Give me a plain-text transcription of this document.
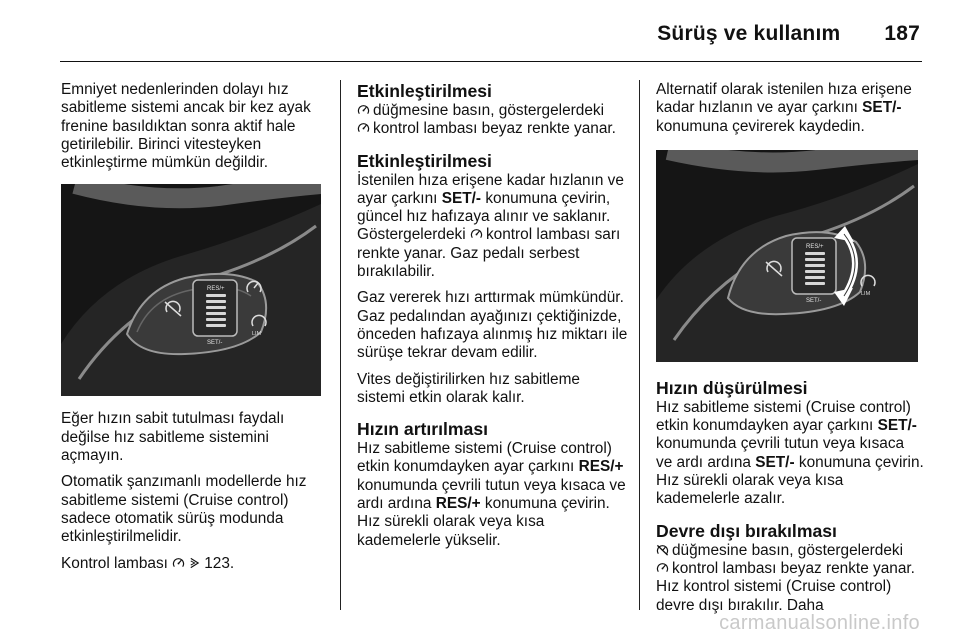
Sürüş ve kullanım 187

Emniyet nedenlerinden dolayı hız sabitleme sistemi ancak bir kez ayak frenine basıldıktan sonra aktif hale getirilebilir. Birinci vitesteyken etkinleştirme mümkün değildir.

RES/+
SET/-
LIM

Eğer hızın sabit tutulması faydalı değilse hız sabitleme sistemini açmayın.

Otomatik şanzımanlı modellerde hız sabitleme sistemi (Cruise control) sadece otomatik sürüş modunda etkinleştirilmelidir.

Kontrol lambası 123.

Etkinleştirilmesi

düğmesine basın, göstergelerdeki
kontrol lambası beyaz renkte yanar.

Etkinleştirilmesi

İstenilen hıza erişene kadar hızlanın ve ayar çarkını SET/- konumuna çevirin, güncel hız hafızaya alınır ve saklanır. Göstergelerdeki kontrol lambası sarı renkte yanar. Gaz pedalı serbest bırakılabilir.

Gaz vererek hızı arttırmak mümkündür. Gaz pedalından ayağınızı çektiğinizde, önceden hafızaya alınmış hız miktarı ile sürüşe tekrar devam edilir.

Vites değiştirilirken hız sabitleme sistemi etkin olarak kalır.

Hızın artırılması

Hız sabitleme sistemi (Cruise control) etkin konumdayken ayar çarkını RES/+ konumunda çevrili tutun veya kısaca ve ardı ardına RES/+ konumuna çevirin. Hız sürekli olarak veya kısa kademelerle yükselir.

Alternatif olarak istenilen hıza erişene kadar hızlanın ve ayar çarkını SET/- konumuna çevirerek kaydedin.

RES/+
SET/-
LIM
Hızın düşürülmesi

Hız sabitleme sistemi (Cruise control) etkin konumdayken ayar çarkını SET/- konumunda çevrili tutun veya kısaca ve ardı ardına SET/- konumuna çevirin. Hız sürekli olarak veya kısa kademelerle azalır.

Devre dışı bırakılması

düğmesine basın, göstergelerdeki
kontrol lambası beyaz renkte yanar. Hız kontrol sistemi (Cruise control) devre dışı bırakılır. Daha

carmanualsonline.info
